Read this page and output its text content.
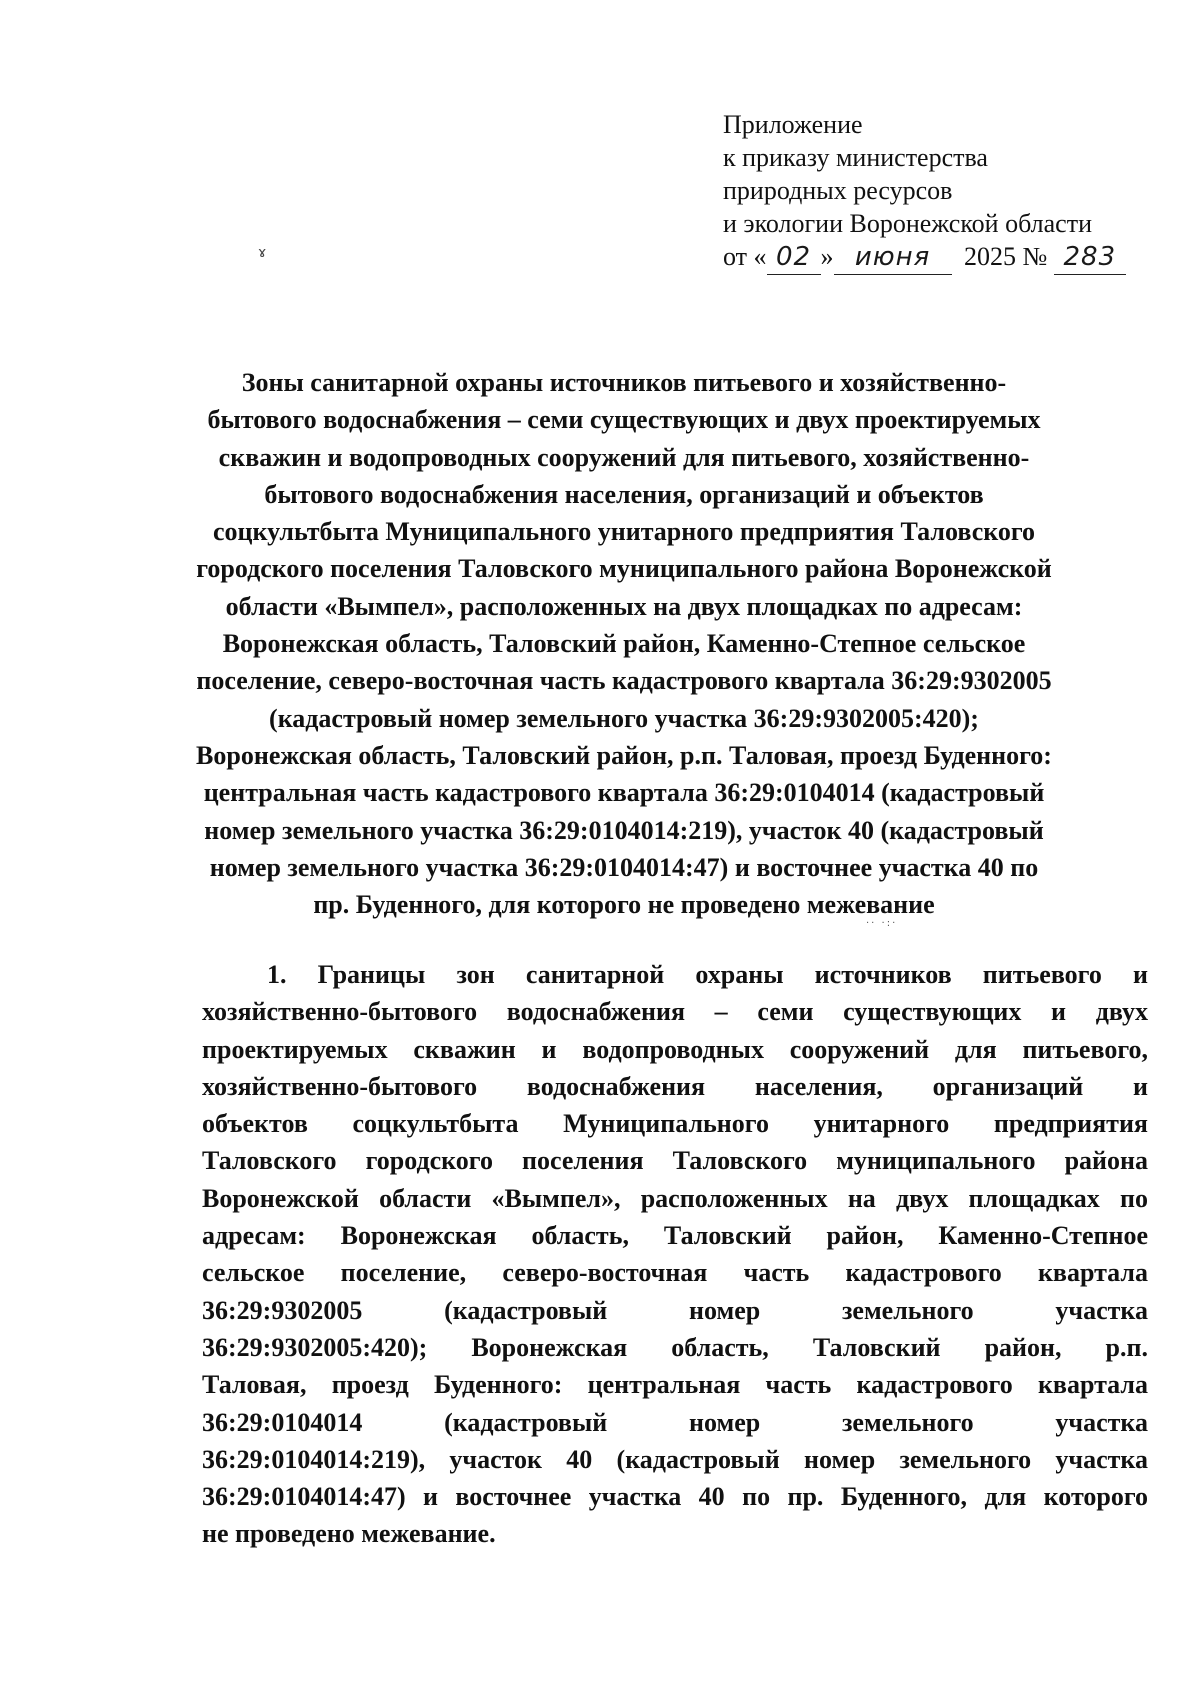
Приложение
к приказу министерства
природных ресурсов
и экологии Воронежской области
от « 02 » июня 2025 № 283
ɤ
·· ·:·
Зоны санитарной охраны источников питьевого и хозяйственно-
бытового водоснабжения – семи существующих и двух проектируемых
скважин и водопроводных сооружений для питьевого, хозяйственно-
бытового водоснабжения населения, организаций и объектов
соцкультбыта Муниципального унитарного предприятия Таловского
городского поселения Таловского муниципального района Воронежской
области «Вымпел», расположенных на двух площадках по адресам:
Воронежская область, Таловский район, Каменно-Степное сельское
поселение, северо-восточная часть кадастрового квартала 36:29:9302005
(кадастровый номер земельного участка 36:29:9302005:420);
Воронежская область, Таловский район, р.п. Таловая, проезд Буденного:
центральная часть кадастрового квартала 36:29:0104014 (кадастровый
номер земельного участка 36:29:0104014:219), участок 40 (кадастровый
номер земельного участка 36:29:0104014:47) и восточнее участка 40 по
пр. Буденного, для которого не проведено межевание
1. Границы зон санитарной охраны источников питьевого и
хозяйственно-бытового водоснабжения – семи существующих и двух
проектируемых скважин и водопроводных сооружений для питьевого,
хозяйственно-бытового водоснабжения населения, организаций и
объектов соцкультбыта Муниципального унитарного предприятия
Таловского городского поселения Таловского муниципального района
Воронежской области «Вымпел», расположенных на двух площадках по
адресам: Воронежская область, Таловский район, Каменно-Степное
сельское поселение, северо-восточная часть кадастрового квартала
36:29:9302005 (кадастровый номер земельного участка
36:29:9302005:420); Воронежская область, Таловский район, р.п.
Таловая, проезд Буденного: центральная часть кадастрового квартала
36:29:0104014 (кадастровый номер земельного участка
36:29:0104014:219), участок 40 (кадастровый номер земельного участка
36:29:0104014:47) и восточнее участка 40 по пр. Буденного, для которого
не проведено межевание.
